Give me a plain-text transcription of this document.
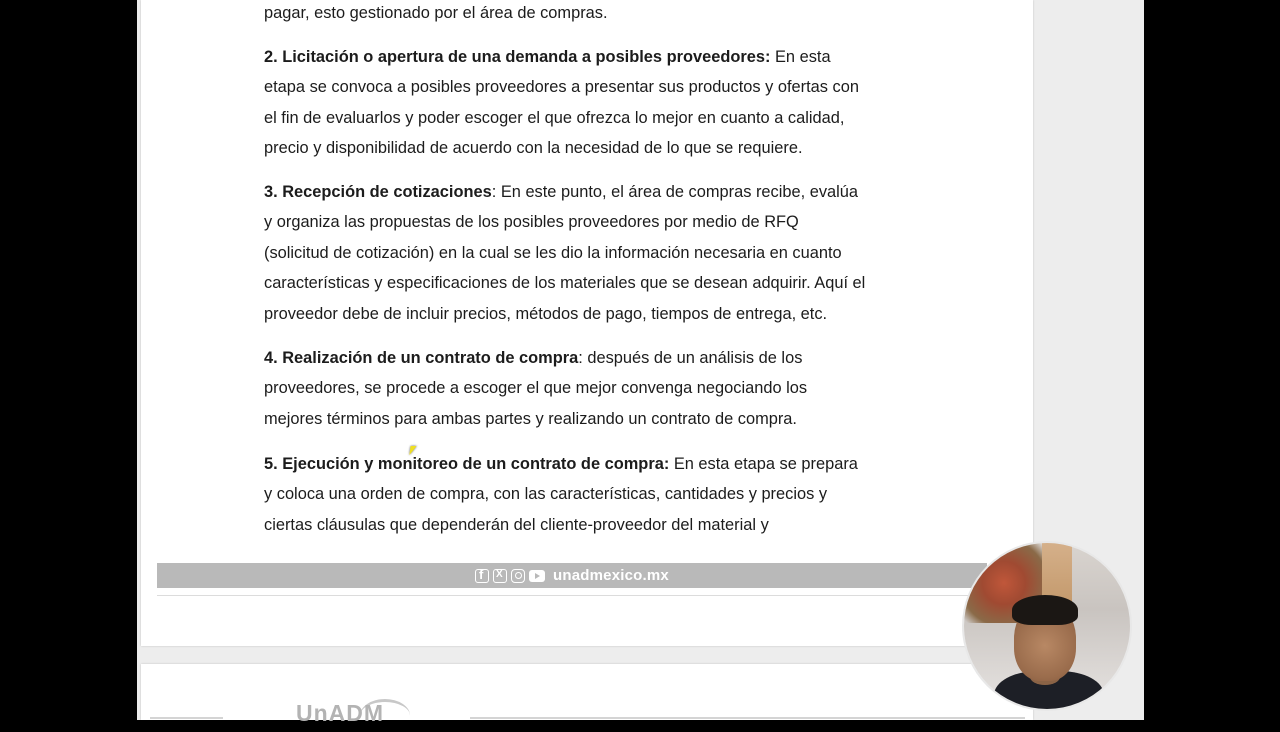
pagar, esto gestionado por el área de compras.

2. Licitación o apertura de una demanda a posibles proveedores: En esta
etapa se convoca a posibles proveedores a presentar sus productos y ofertas con
el fin de evaluarlos y poder escoger el que ofrezca lo mejor en cuanto a calidad,
precio y disponibilidad de acuerdo con la necesidad de lo que se requiere.
3. Recepción de cotizaciones: En este punto, el área de compras recibe, evalúa
y organiza las propuestas de los posibles proveedores por medio de RFQ
(solicitud de cotización) en la cual se les dio la información necesaria en cuanto
características y especificaciones de los materiales que se desean adquirir. Aquí el
proveedor debe de incluir precios, métodos de pago, tiempos de entrega, etc.
4. Realización de un contrato de compra: después de un análisis de los
proveedores, se procede a escoger el que mejor convenga negociando los
mejores términos para ambas partes y realizando un contrato de compra.
5. Ejecución y monitoreo de un contrato de compra: En esta etapa se prepara
y coloca una orden de compra, con las características, cantidades y precios y
ciertas cláusulas que dependerán del cliente-proveedor del material y
f
X
unadmexico.mx
UnADM
